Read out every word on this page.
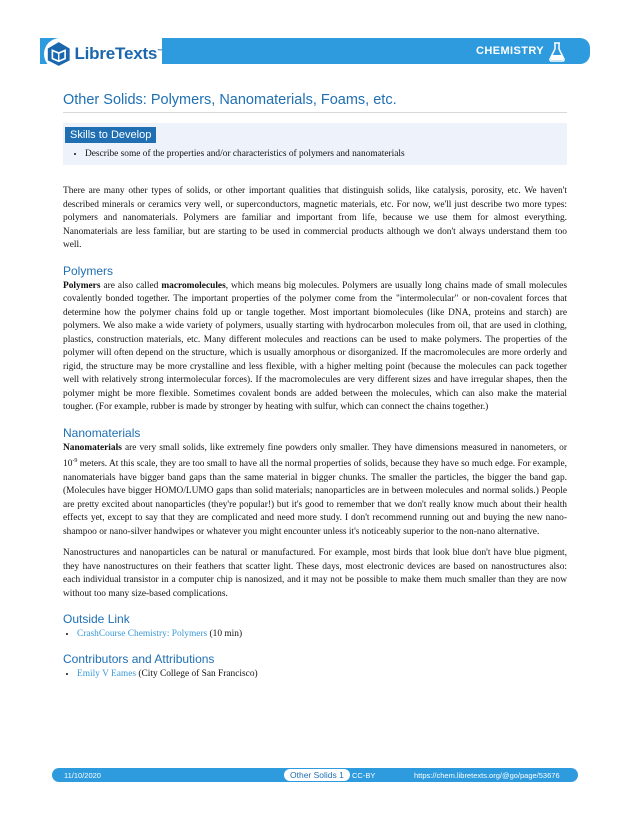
LibreTexts™	CHEMISTRY
Other Solids: Polymers, Nanomaterials, Foams, etc.
Skills to Develop
• Describe some of the properties and/or characteristics of polymers and nanomaterials

There are many other types of solids, or other important qualities that distinguish solids, like catalysis, porosity, etc. We haven't described minerals or ceramics very well, or superconductors, magnetic materials, etc. For now, we'll just describe two more types: polymers and nanomaterials. Polymers are familiar and important from life, because we use them for almost everything. Nanomaterials are less familiar, but are starting to be used in commercial products although we don't always understand them too well.

Polymers

Polymers are also called macromolecules, which means big molecules. Polymers are usually long chains made of small molecules covalently bonded together. The important properties of the polymer come from the "intermolecular" or non-covalent forces that determine how the polymer chains fold up or tangle together. Most important biomolecules (like DNA, proteins and starch) are polymers. We also make a wide variety of polymers, usually starting with hydrocarbon molecules from oil, that are used in clothing, plastics, construction materials, etc. Many different molecules and reactions can be used to make polymers. The properties of the polymer will often depend on the structure, which is usually amorphous or disorganized. If the macromolecules are more orderly and rigid, the structure may be more crystalline and less flexible, with a higher melting point (because the molecules can pack together well with relatively strong intermolecular forces). If the macromolecules are very different sizes and have irregular shapes, then the polymer might be more flexible. Sometimes covalent bonds are added between the molecules, which can also make the material tougher. (For example, rubber is made by stronger by heating with sulfur, which can connect the chains together.)

Nanomaterials

Nanomaterials are very small solids, like extremely fine powders only smaller. They have dimensions measured in nanometers, or $10^{-9}$ meters. At this scale, they are too small to have all the normal properties of solids, because they have so much edge. For example, nanomaterials have bigger band gaps than the same material in bigger chunks. The smaller the particles, the bigger the band gap. (Molecules have bigger HOMO/LUMO gaps than solid materials; nanoparticles are in between molecules and normal solids.) People are pretty excited about nanoparticles (they're popular!) but it's good to remember that we don't really know much about their health effects yet, except to say that they are complicated and need more study. I don't recommend running out and buying the new nano-shampoo or nano-silver handwipes or whatever you might encounter unless it's noticeably superior to the non-nano alternative.

Nanostructures and nanoparticles can be natural or manufactured. For example, most birds that look blue don't have blue pigment, they have nanostructures on their feathers that scatter light. These days, most electronic devices are based on nanostructures also: each individual transistor in a computer chip is nanosized, and it may not be possible to make them much smaller than they are now without too many size-based complications.

Outside Link
• CrashCourse Chemistry: Polymers (10 min)
Contributors and Attributions
• Emily V Eames (City College of San Francisco)
11/10/2020	Other Solids 1	CC-BY	https://chem.libretexts.org/@go/page/53676
